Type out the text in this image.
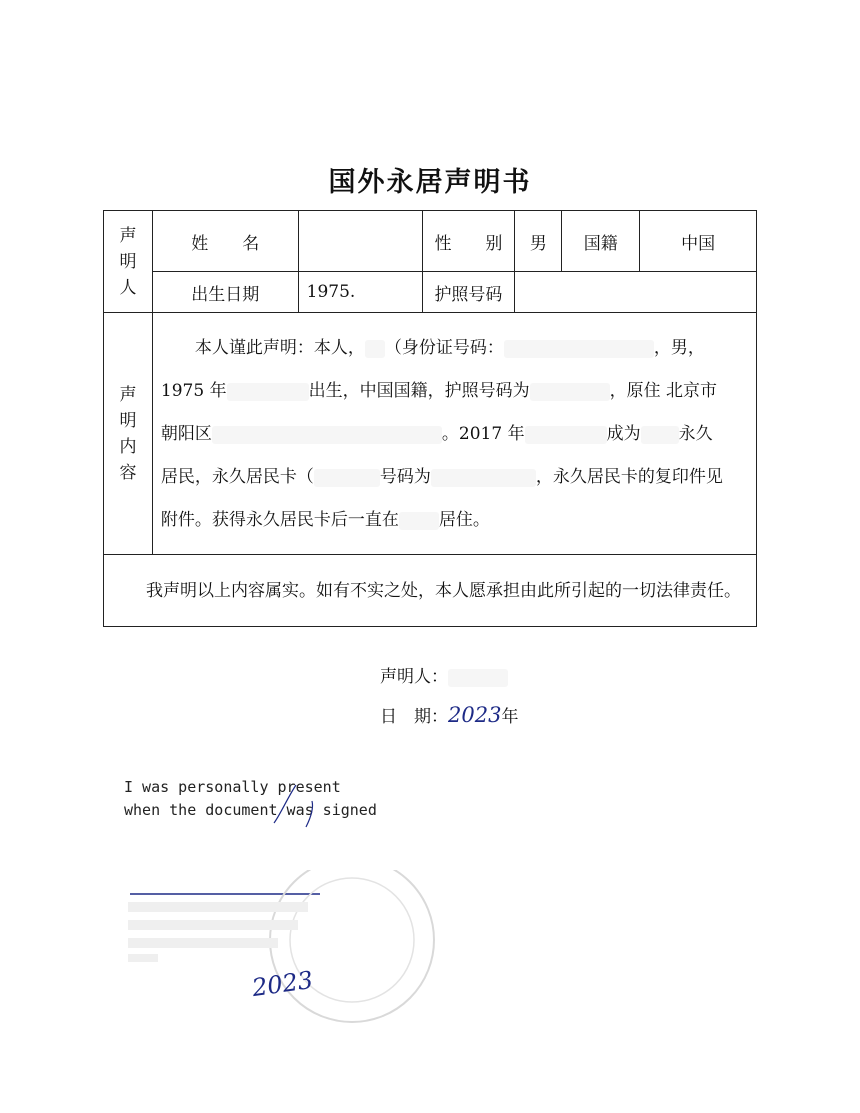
国外永居声明书
声明人	姓　　名		性　　别	男	国籍	中国
	出生日期	1975.	护照号码			
声明内容	本人谨此声明：本人， （身份证号码： ，男，
1975 年 出生，中国国籍，护照号码为 ，原住 北京市
朝阳区 。2017 年 成为 永久
居民，永久居民卡（ 号码为 ，永久居民卡的复印件见
附件。获得永久居民卡后一直在 居住。					

我声明以上内容属实。如有不实之处，本人愿承担由此所引起的一切法律责任。						
声明人：
日　期：2023年
I was personally present
when the document was signed
2023
